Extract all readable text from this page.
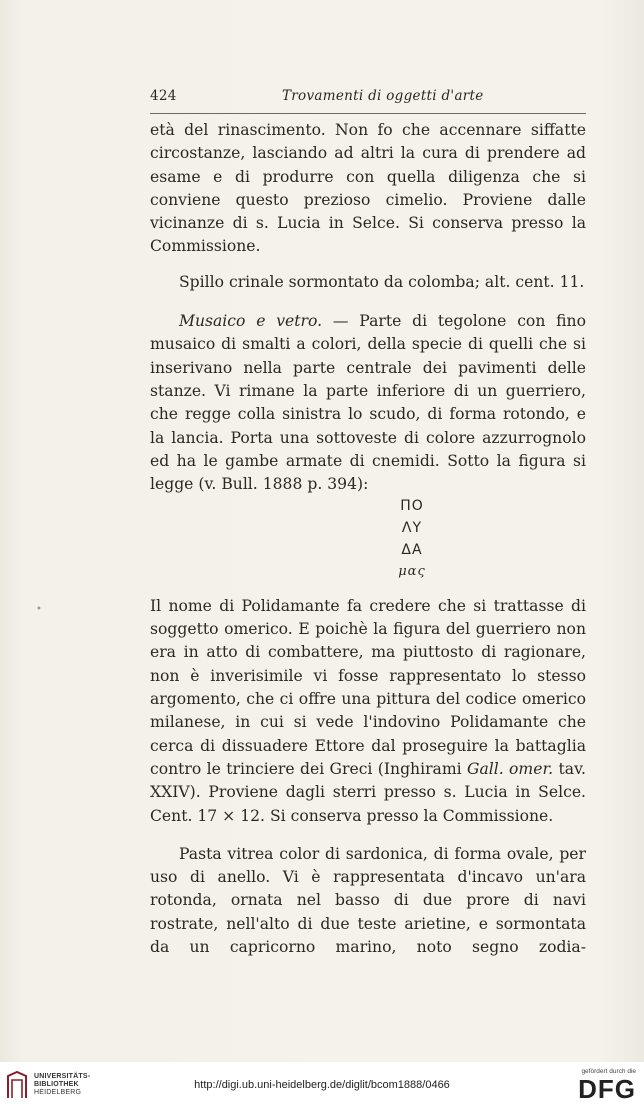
424	Trovamenti di oggetti d'arte

età del rinascimento. Non fo che accennare siffatte circostanze, lasciando ad altri la cura di prendere ad esame e di produrre con quella diligenza che si conviene questo prezioso cimelio. Proviene dalle vicinanze di s. Lucia in Selce. Si conserva presso la Commissione.

Spillo crinale sormontato da colomba; alt. cent. 11.

Musaico e vetro. — Parte di tegolone con fino musaico di smalti a colori, della specie di quelli che si inserivano nella parte centrale dei pavimenti delle stanze. Vi rimane la parte inferiore di un guerriero, che regge colla sinistra lo scudo, di forma rotondo, e la lancia. Porta una sottoveste di colore azzurrognolo ed ha le gambe armate di cnemidi. Sotto la figura si legge (v. Bull. 1888 p. 394):

ΠΟ
ΛΥ
ΔΑ
μας

Il nome di Polidamante fa credere che si trattasse di soggetto omerico. E poichè la figura del guerriero non era in atto di combattere, ma piuttosto di ragionare, non è inverisimile vi fosse rappresentato lo stesso argomento, che ci offre una pittura del codice omerico milanese, in cui si vede l'indovino Polidamante che cerca di dissuadere Ettore dal proseguire la battaglia contro le trinciere dei Greci (Inghirami Gall. omer. tav. XXIV). Proviene dagli sterri presso s. Lucia in Selce. Cent. 17 × 12. Si conserva presso la Commissione.

Pasta vitrea color di sardonica, di forma ovale, per uso di anello. Vi è rappresentata d'incavo un'ara rotonda, ornata nel basso di due prore di navi rostrate, nell'alto di due teste arietine, e sormontata da un capricorno marino, noto segno zodia-

•
UNIVERSITÄTS-
BIBLIOTHEK
HEIDELBERG
http://digi.ub.uni-heidelberg.de/diglit/bcom1888/0466
gefördert durch die
DFG
